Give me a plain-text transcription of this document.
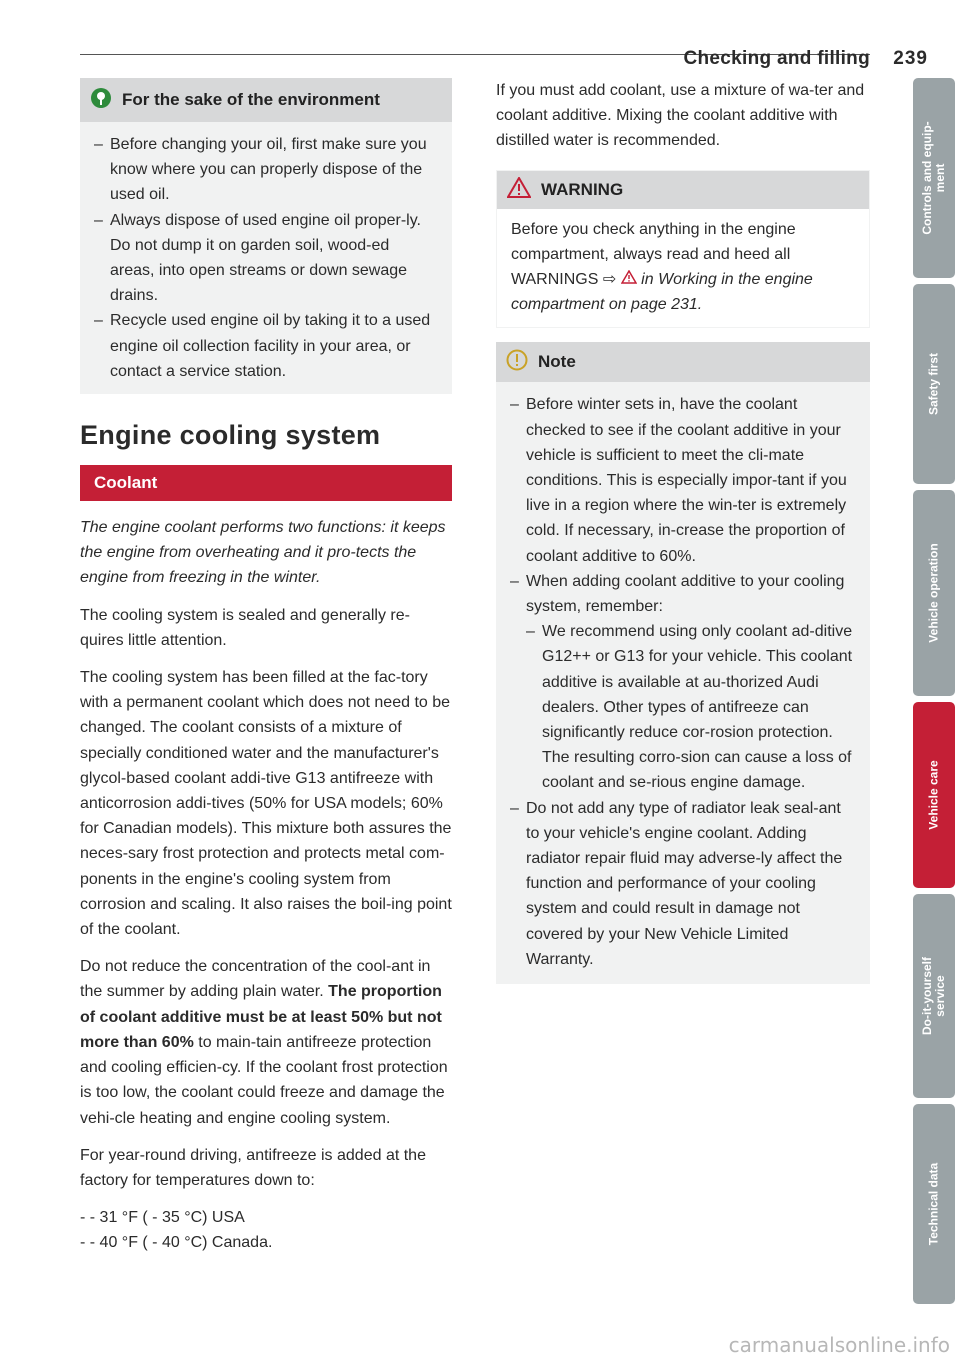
Checking and filling 239
For the sake of the environment
– Before changing your oil, first make sure you know where you can properly dispose of the used oil.
– Always dispose of used engine oil proper-ly. Do not dump it on garden soil, wood-ed areas, into open streams or down sewage drains.
– Recycle used engine oil by taking it to a used engine oil collection facility in your area, or contact a service station.
Engine cooling system
Coolant

The engine coolant performs two functions: it keeps the engine from overheating and it pro-tects the engine from freezing in the winter.

The cooling system is sealed and generally re-quires little attention.

The cooling system has been filled at the fac-tory with a permanent coolant which does not need to be changed. The coolant consists of a mixture of specially conditioned water and the manufacturer's glycol-based coolant addi-tive G13 antifreeze with anticorrosion addi-tives (50% for USA models; 60% for Canadian models). This mixture both assures the neces-sary frost protection and protects metal com-ponents in the engine's cooling system from corrosion and scaling. It also raises the boil-ing point of the coolant.

Do not reduce the concentration of the cool-ant in the summer by adding plain water. The proportion of coolant additive must be at least 50% but not more than 60% to main-tain antifreeze protection and cooling efficien-cy. If the coolant frost protection is too low, the coolant could freeze and damage the vehi-cle heating and engine cooling system.

For year-round driving, antifreeze is added at the factory for temperatures down to:

- - 31 °F ( - 35 °C) USA
- - 40 °F ( - 40 °C) Canada.

If you must add coolant, use a mixture of wa-ter and coolant additive. Mixing the coolant additive with distilled water is recommended.

WARNING
Before you check anything in the engine compartment, always read and heed all WARNINGS ⇨ in Working in the engine compartment on page 231.
Note
– Before winter sets in, have the coolant checked to see if the coolant additive in your vehicle is sufficient to meet the cli-mate conditions. This is especially impor-tant if you live in a region where the win-ter is extremely cold. If necessary, in-crease the proportion of coolant additive to 60%.
– When adding coolant additive to your cooling system, remember:
– We recommend using only coolant ad-ditive G12++ or G13 for your vehicle. This coolant additive is available at au-thorized Audi dealers. Other types of antifreeze can significantly reduce cor-rosion protection. The resulting corro-sion can cause a loss of coolant and se-rious engine damage.
– Do not add any type of radiator leak seal-ant to your vehicle's engine coolant. Adding radiator repair fluid may adverse-ly affect the function and performance of your cooling system and could result in damage not covered by your New Vehicle Limited Warranty.
Controls and equip-
ment
Safety first
Vehicle operation
Vehicle care
Do-it-yourself
service
Technical data
carmanualsonline.info
